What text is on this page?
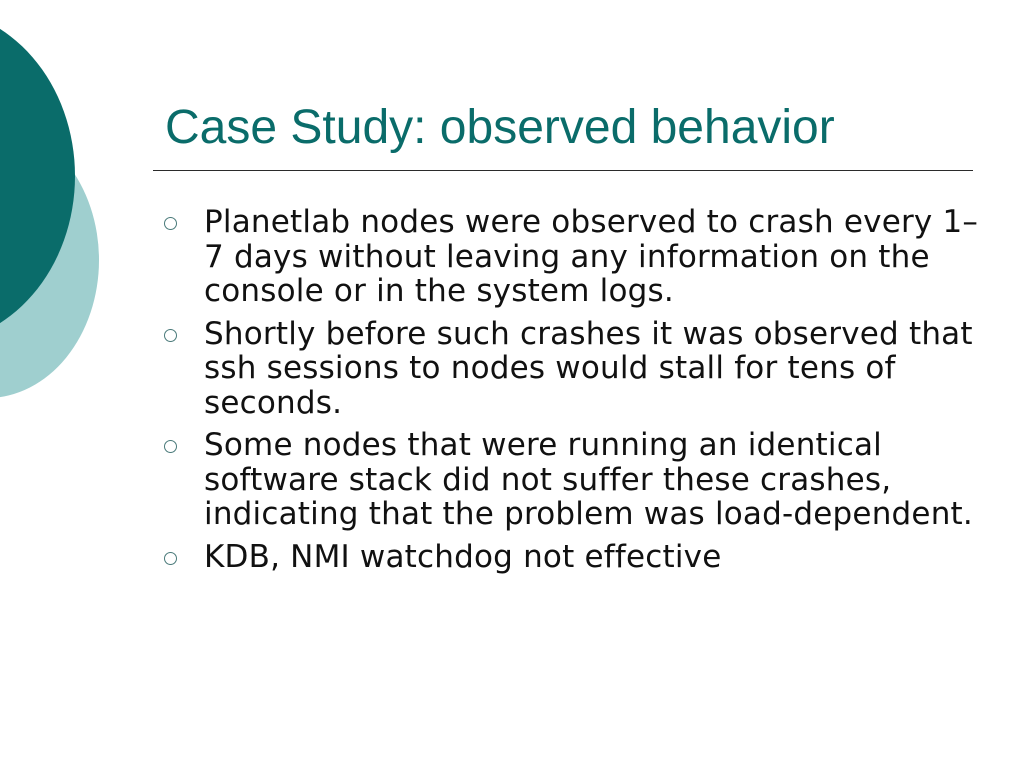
Case Study: observed behavior
Planetlab nodes were observed to crash every 1–7 days without leaving any information on the console or in the system logs.
Shortly before such crashes it was observed that ssh sessions to nodes would stall for tens of seconds.
Some nodes that were running an identical software stack did not suffer these crashes, indicating that the problem was load-dependent.
KDB, NMI watchdog not effective
